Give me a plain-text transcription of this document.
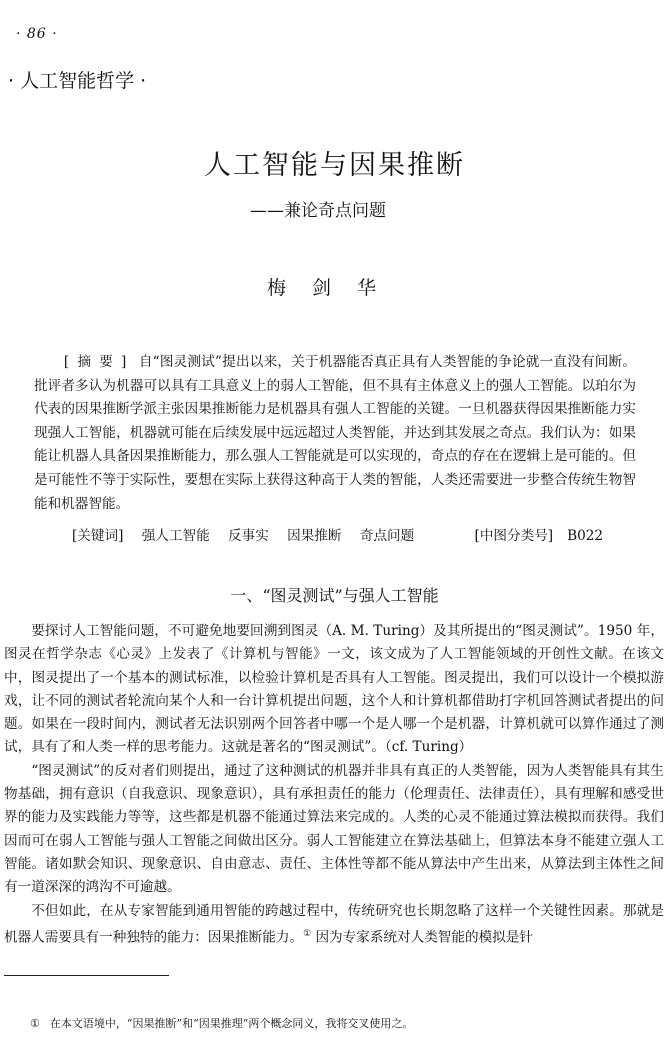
· 86 ·
· 人工智能哲学 ·
人工智能与因果推断
——兼论奇点问题
梅剑华

[摘要] 自“图灵测试”提出以来，关于机器能否真正具有人类智能的争论就一直没有间断。批评者多认为机器可以具有工具意义上的弱人工智能，但不具有主体意义上的强人工智能。以珀尔为代表的因果推断学派主张因果推断能力是机器具有强人工智能的关键。一旦机器获得因果推断能力实现强人工智能，机器就可能在后续发展中远远超过人类智能，并达到其发展之奇点。我们认为：如果能让机器人具备因果推断能力，那么强人工智能就是可以实现的，奇点的存在在逻辑上是可能的。但是可能性不等于实际性，要想在实际上获得这种高于人类的智能，人类还需要进一步整合传统生物智能和机器智能。

[关键词] 强人工智能 反事实 因果推断 奇点问题	[中图分类号] B022
一、“图灵测试”与强人工智能

要探讨人工智能问题，不可避免地要回溯到图灵（A. M. Turing）及其所提出的“图灵测试”。1950 年，图灵在哲学杂志《心灵》上发表了《计算机与智能》一文，该文成为了人工智能领域的开创性文献。在该文中，图灵提出了一个基本的测试标准，以检验计算机是否具有人工智能。图灵提出，我们可以设计一个模拟游戏，让不同的测试者轮流向某个人和一台计算机提出问题，这个人和计算机都借助打字机回答测试者提出的问题。如果在一段时间内，测试者无法识别两个回答者中哪一个是人哪一个是机器，计算机就可以算作通过了测试，具有了和人类一样的思考能力。这就是著名的“图灵测试”。（cf. Turing）

“图灵测试”的反对者们则提出，通过了这种测试的机器并非具有真正的人类智能，因为人类智能具有其生物基础，拥有意识（自我意识、现象意识），具有承担责任的能力（伦理责任、法律责任），具有理解和感受世界的能力及实践能力等等，这些都是机器不能通过算法来完成的。人类的心灵不能通过算法模拟而获得。我们因而可在弱人工智能与强人工智能之间做出区分。弱人工智能建立在算法基础上，但算法本身不能建立强人工智能。诸如默会知识、现象意识、自由意志、责任、主体性等都不能从算法中产生出来，从算法到主体性之间有一道深深的鸿沟不可逾越。

不但如此，在从专家智能到通用智能的跨越过程中，传统研究也长期忽略了这样一个关键性因素。那就是机器人需要具有一种独特的能力：因果推断能力。① 因为专家系统对人类智能的模拟是针

① 在本文语境中，“因果推断”和“因果推理”两个概念同义，我将交叉使用之。
